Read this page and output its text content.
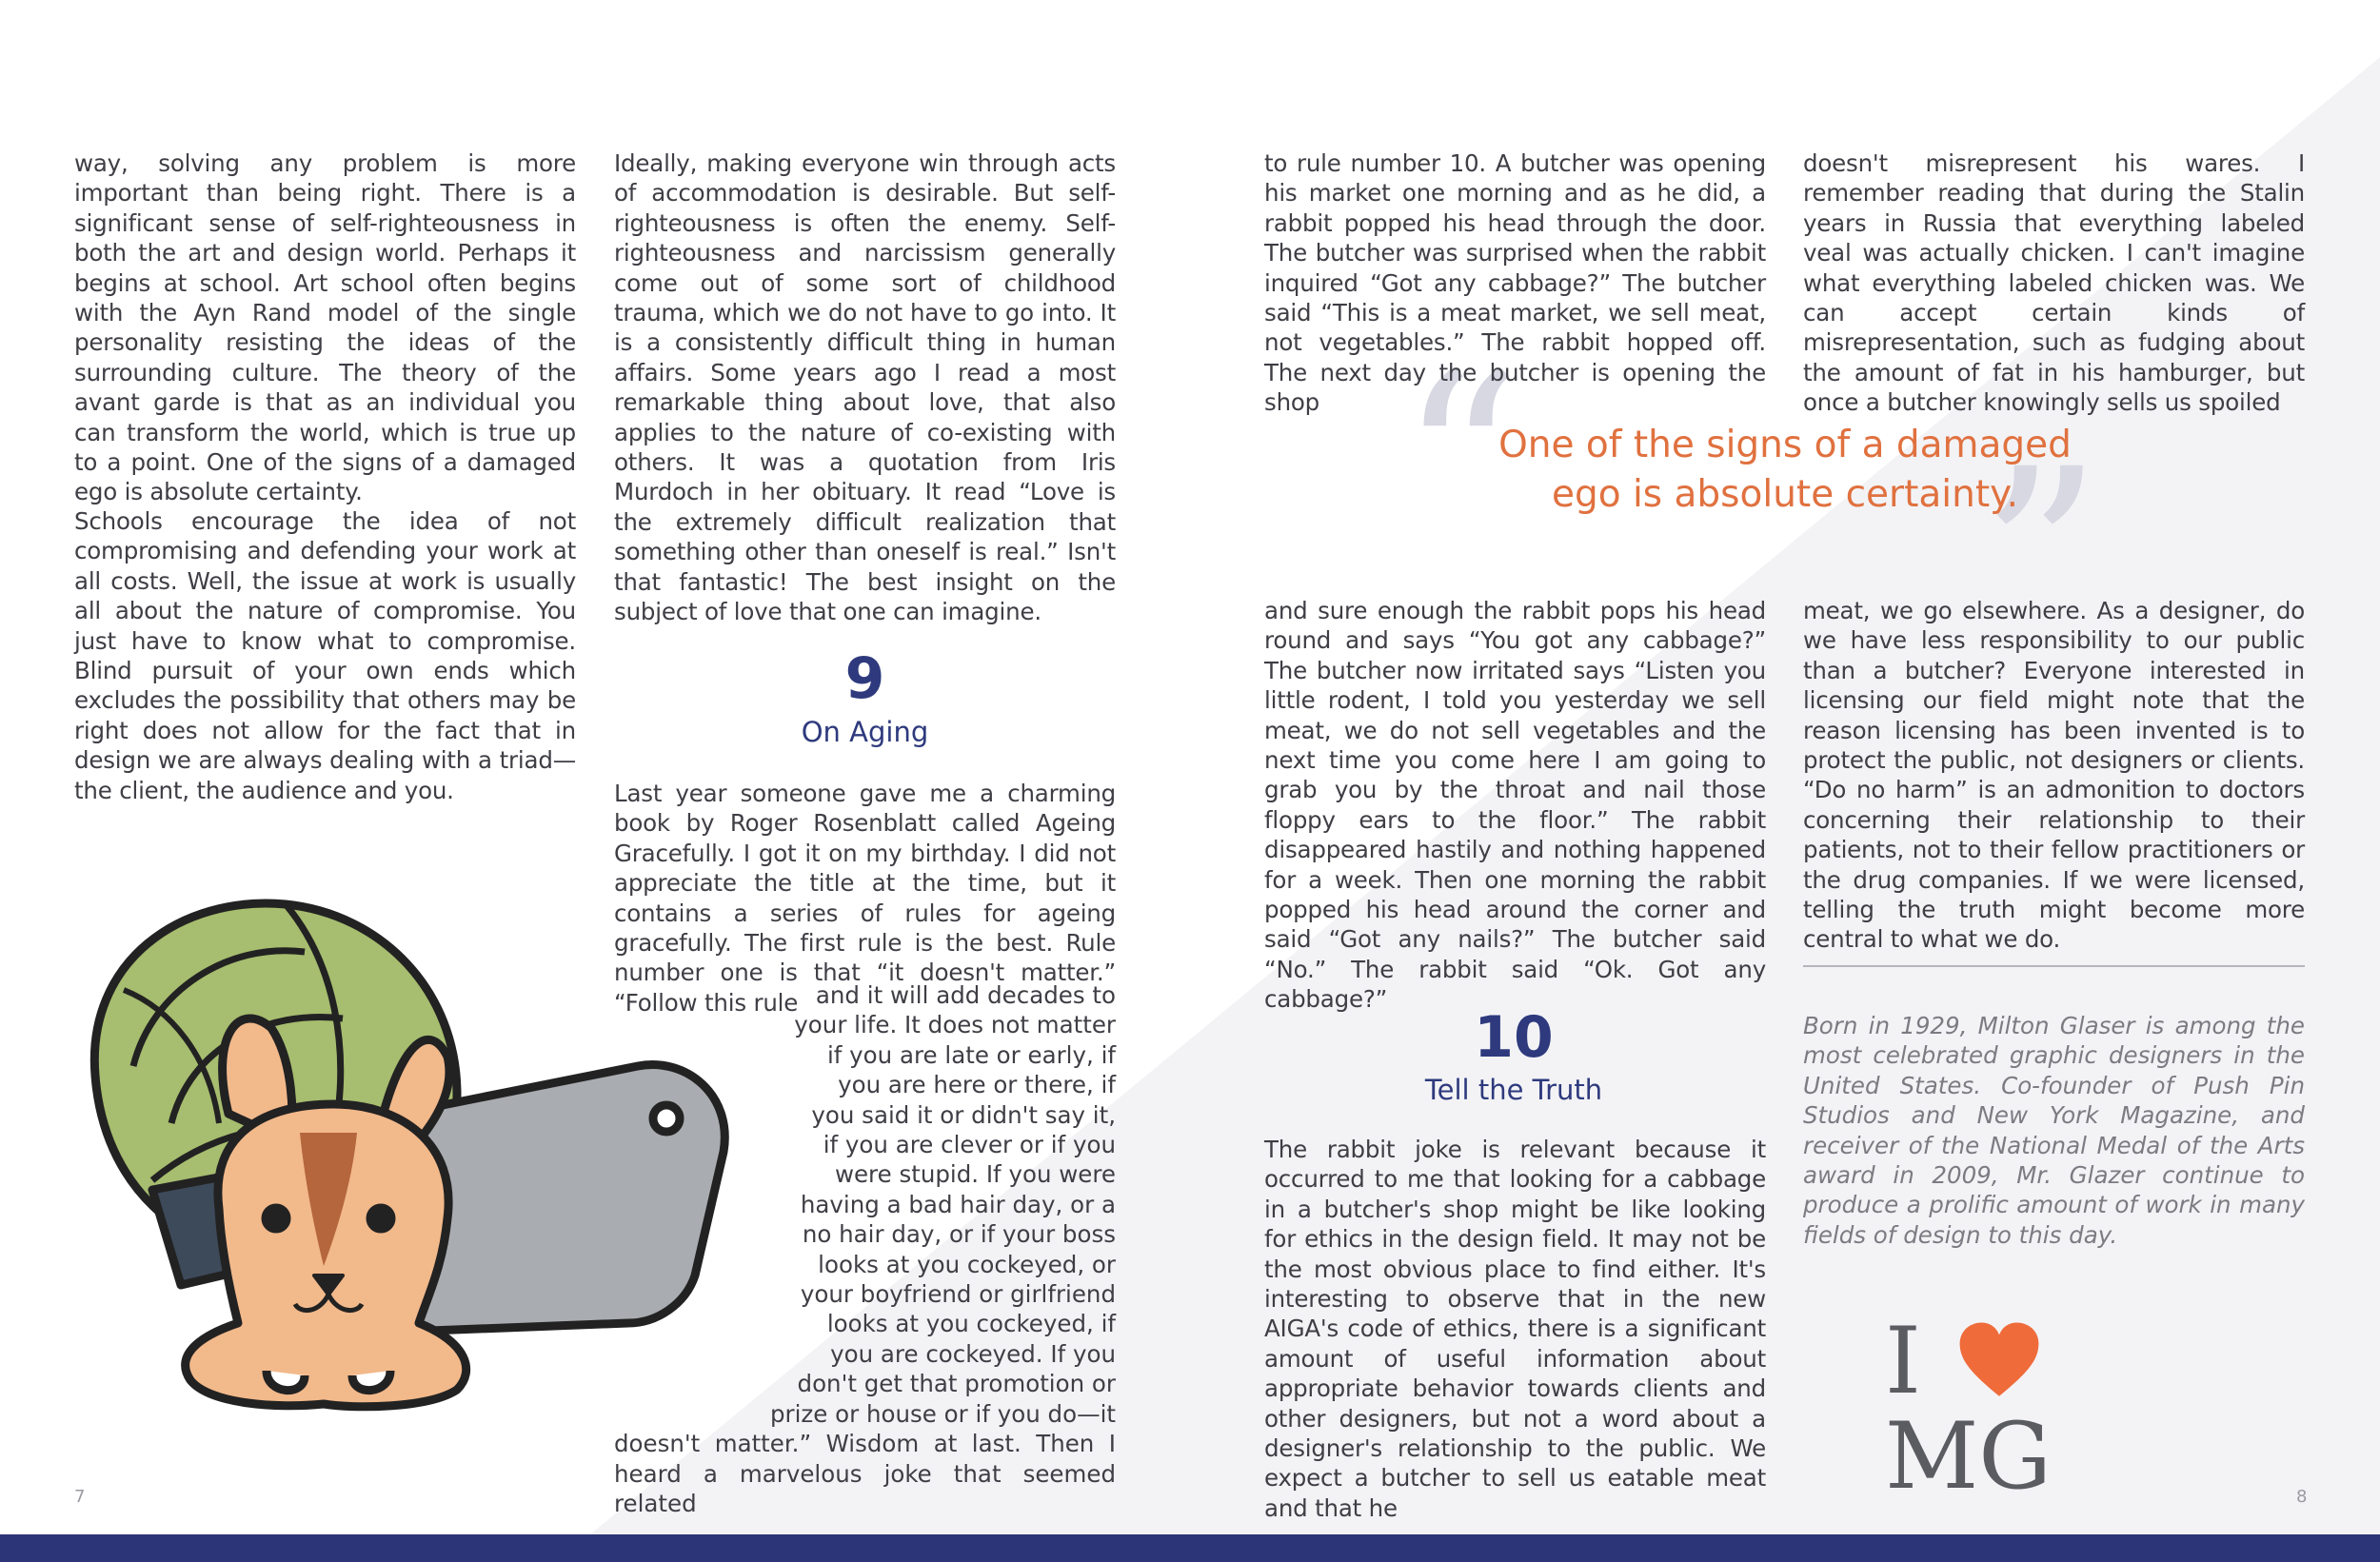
way, solving any problem is more important than being right. There is a significant sense of self-righteousness in both the art and design world. Perhaps it begins at school. Art school often begins with the Ayn Rand model of the single personality resisting the ideas of the surrounding culture. The theory of the avant garde is that as an individual you can transform the world, which is true up to a point. One of the signs of a damaged ego is absolute certainty.
Schools encourage the idea of not compromising and defending your work at all costs. Well, the issue at work is usually all about the nature of compromise. You just have to know what to compromise. Blind pursuit of your own ends which excludes the possibility that others may be right does not allow for the fact that in design we are always dealing with a triad—the client, the audience and you.
Ideally, making everyone win through acts of accommodation is desirable. But self-righteousness is often the enemy. Self-righteousness and narcissism generally come out of some sort of childhood trauma, which we do not have to go into. It is a consistently difficult thing in human affairs. Some years ago I read a most remarkable thing about love, that also applies to the nature of co-existing with others. It was a quotation from Iris Murdoch in her obituary. It read “Love is the extremely difficult realization that something other than oneself is real.” Isn't that fantastic! The best insight on the subject of love that one can imagine.
9
On Aging
Last year someone gave me a charming book by Roger Rosenblatt called Ageing Gracefully. I got it on my birthday. I did not appreciate the title at the time, but it contains a series of rules for ageing gracefully. The first rule is the best. Rule number one is that “it doesn't matter.” “Follow this rule and it will add decades to
your life. It does not matter
if you are late or early, if
you are here or there, if
you said it or didn't say it,
if you are clever or if you
were stupid. If you were
having a bad hair day, or a
no hair day, or if your boss
looks at you cockeyed, or
your boyfriend or girlfriend
looks at you cockeyed, if
you are cockeyed. If you
don't get that promotion or
prize or house or if you do—it
doesn't matter.” Wisdom at last. Then I heard a marvelous joke that seemed related
7
to rule number 10. A butcher was opening his market one morning and as he did, a rabbit popped his head through the door. The butcher was surprised when the rabbit inquired “Got any cabbage?” The butcher said “This is a meat market, we sell meat, not vegetables.” The rabbit hopped off. The next day the butcher is opening the shop
doesn't misrepresent his wares. I remember reading that during the Stalin years in Russia that everything labeled veal was actually chicken. I can't imagine what everything labeled chicken was. We can accept certain kinds of misrepresentation, such as fudging about the amount of fat in his hamburger, but once a butcher knowingly sells us spoiled
“ ”
One of the signs of a damaged ego is absolute certainty.
and sure enough the rabbit pops his head round and says “You got any cabbage?” The butcher now irritated says “Listen you little rodent, I told you yesterday we sell meat, we do not sell vegetables and the next time you come here I am going to grab you by the throat and nail those floppy ears to the floor.” The rabbit disappeared hastily and nothing happened for a week. Then one morning the rabbit popped his head around the corner and said “Got any nails?” The butcher said “No.” The rabbit said “Ok. Got any cabbage?”
meat, we go elsewhere. As a designer, do we have less responsibility to our public than a butcher? Everyone interested in licensing our field might note that the reason licensing has been invented is to protect the public, not designers or clients. “Do no harm” is an admonition to doctors concerning their relationship to their patients, not to their fellow practitioners or the drug companies. If we were licensed, telling the truth might become more central to what we do.
Born in 1929, Milton Glaser is among the most celebrated graphic designers in the United States. Co-founder of Push Pin Studios and New York Magazine, and receiver of the National Medal of the Arts award in 2009, Mr. Glazer continue to produce a prolific amount of work in many fields of design to this day.
10
Tell the Truth
The rabbit joke is relevant because it occurred to me that looking for a cabbage in a butcher's shop might be like looking for ethics in the design field. It may not be the most obvious place to find either. It's interesting to observe that in the new AIGA's code of ethics, there is a significant amount of useful information about appropriate behavior towards clients and other designers, but not a word about a designer's relationship to the public. We expect a butcher to sell us eatable meat and that he
I  MG	8
